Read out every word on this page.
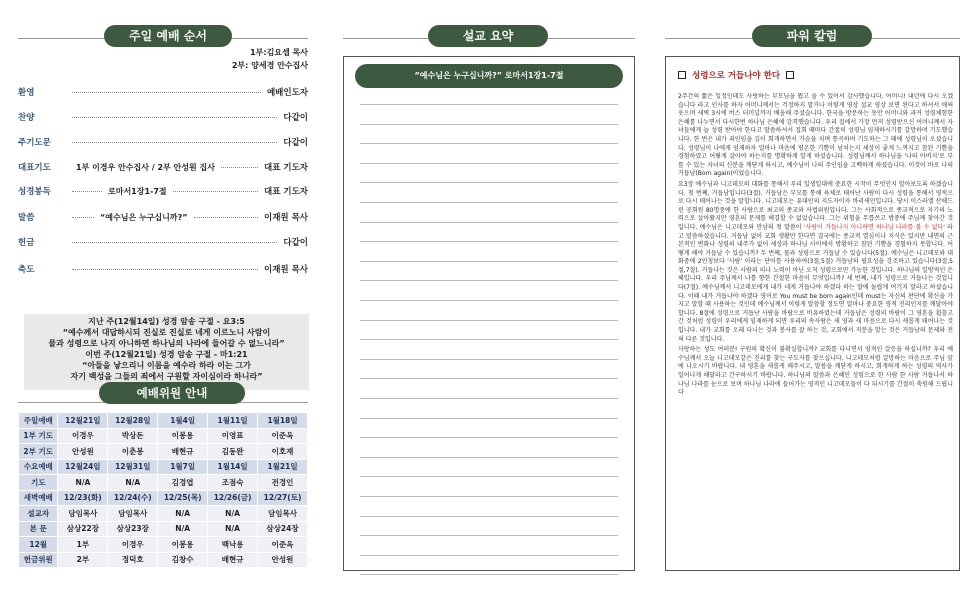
주일 예배 순서
1부:김요셉 목사
2부: 양세경 안수집사
환영	예배인도자
찬양	다같이
주기도문	다같이
대표기도	1부 이경우 안수집사 / 2부 안성원 집사	대표 기도자
성경봉독	로마서1장1-7절	대표 기도자
말씀	“예수님은 누구십니까?”	이재원 목사
헌금	다같이
축도	이재원 목사
지난 주(12월14일) 성경 암송 구절 - 요3:5
“예수께서 대답하시되 진실로 진실로 네게 이르노니 사람이
물과 성령으로 나지 아니하면 하나님의 나라에 들어갈 수 없느니라”
이번 주(12월21일) 성경 암송 구절 - 마1:21
“아들을 낳으리니 이름을 예수라 하라 이는 그가
자기 백성을 그들의 죄에서 구원할 자이심이라 하니라”
예배위원 안내
주일예배	12월21일	12월28일	1월4일	1월11일	1월18일
1부 기도	이경우	박상돈	이봉용	이영표	이준옥
2부 기도	안성원	이춘봉	배현규	김동완	이호재
수요예배	12월24일	12월31일	1월7일	1월14일	1월21일
기도	N/A	N/A	김경엽	조점숙	전경인
새벽예배	12/23(화)	12/24(수)	12/25(목)	12/26(금)	12/27(토)
설교자	담임목사	담임목사	N/A	N/A	담임목사
본 문	삼상22장	삼상23장	N/A	N/A	삼상24장
12월	1부	이경우	이봉용	백낙용	이준옥
헌금위원	2부	정덕호	김창수	배현규	안성원
설교 요약
“예수님은 누구십니까?” 로마서1장1-7절
파워 칼럼
성령으로 거듭나야 한다

2주간의 짧은 일정인데도 사랑하는 부모님을 뵙고 올 수 있어서 감사했습니다. 어머니! 내년에 다시 오겠습니다 라고 인사를 하자 어머니께서는 걱정하지 말거나 이렇게 영상 설교 영상 보면 된다고 하셔서 애써 웃으며 새벽 3시에 버스 터미널까지 배웅해 주셨습니다. 한국을 방문하는 동안 어머니와 과거 성령체험한 은혜를 나누면서 다시한번 하나님 은혜에 감격했습니다. 우리 집에서 가장 먼저 성령받으신 어머니께서 자녀들에게 늘 성령 받아야 한다고 말씀하셔서 집회 때마다 간절히 성령님 임재하시기를 갈망하며 기도했습니다. 한 번은 내가 죄인임을 깊이 회개하면서 가슴을 치며 통곡하며 기도하는 그 때에 성령님이 오셨습니다. 성령님이 나에게 임재하자 얼마나 마음에 평온한 기쁨이 넘치는지 세상이 좋게 느껴지고 참된 기쁨을 경험하였고 어떻게 살아야 하는지를 명확하게 알게 하셨습니다. 성령님께서 하나님을 '나의 아버지'로 부를 수 있는 자녀의 신분을 깨닫게 하시고, 예수님이 나의 주인임을 고백하게 하셨습니다. 이것이 바로 나의 거듭남(Born again)이었습니다.

요3장 예수님과 니고데모의 대화를 통해서 우리 일생일대에 중요한 시작이 무엇인지 알아보도록 하겠습니다. 첫 번째, 거듭남입니다(3절). 거듭남은 부모를 통해 육체로 태어난 사람이 다시 성령을 통해서 영적으로 다시 태어나는 것을 말합니다. 니고데모는 유대인의 지도자이자 바리새인입니다. 당시 이스라엘 산헤드린 공회원 80명중에 한 사람으로 최고의 종교와 사법위원입니다. 그는 사회적으로 종교적으로 자기의 노력으로 살아왔지만 영혼의 문제를 해결할 수 없었습니다. 그는 위험을 무릅쓰고 밤중에 주님께 찾아간 것입니다. 예수님은 니고데모와 만남의 첫 말씀이 '사람이 거듭나지 아니하면 하나님 나라를 볼 수 없다' 라고 말씀하셨습니다. 거듭남 없이 교회 생활만 한다면 결국에는 종교적 열심이나 지식은 있지만 내면의 근본적인 변화나 성령의 내주가 없어 세상과 하나님 사이에서 방황하고 참된 기쁨을 경험하지 못합니다. 어떻게 해야 거듭날 수 있습니까? 두 번째, 물과 성령으로 거듭날 수 있습니다(5절). 예수님은 니고데모와 대화중에 2인칭보다 '사람' 이라는 단어를 사용하여(3절,5절) 거듭남의 필요성을 강조하고 있습니다(3절,5절,7절). 거듭나는 것은 사람의 의나 노력이 아닌 오직 성령으로만 가능한 것입니다. 하나님의 일방적인 은혜입니다. 우리 주님께서 나를 향한 간절한 마음이 무엇입니까? 세 번째, 내가 성령으로 거듭나는 것입니다(7절). 예수님께서 니고데모에게 내가 네게 거듭나야 하겠다 하는 말에 놀랍게 여기지 말라고 하셨습니다. 이때 내가 거듭나야 하겠다 영어로 You must be born again인데 must는 자신의 판단에 확신을 가지고 말할 때 사용하는 것인데 예수님께서 이렇게 말씀할 정도면 얼마나 중요한 영적 진리인지를 깨달아야 합니다. 8절에 성령으로 거듭난 사람을 바람으로 비유하였는데 거듭남은 성령의 바람이 그 영혼을 휩쓸고 간 것처럼 성령이 우리에게 임재하게 되면 우리의 속사람은 새 영과 새 마음으로 다시 새롭게 태어나는 것입니다. 내가 교회를 오래 다니는 것과 봉사를 잘 하는 것, 교회에서 직분을 맡는 것은 거듭남의 문제와 전혀 다른 것입니다.

사랑하는 성도 여러분! 구원의 확신이 불확실합니까? 교회를 다니면서 영적인 갈등을 하십니까? 우리 예수님께서 오늘 니고데모같은 진리를 찾는 구도자를 찾으십니다. 니고데모처럼 갈망하는 마음으로 주님 앞에 나오시기 바랍니다. 내 영혼을 새롭게 해주시고, 말씀을 깨닫게 하시고, 회개하게 하는 성령의 역사가 일어나게 해달라고 간구하시기 바랍니다. 하나님의 말씀과 은혜인 성령으로 한 사람 한 사람 거듭나서 하나님 나라를 눈으로 보며 하나님 나라에 들어가는 영적인 니고데모들이 다 되시기를 간절히 축원해 드립니다
